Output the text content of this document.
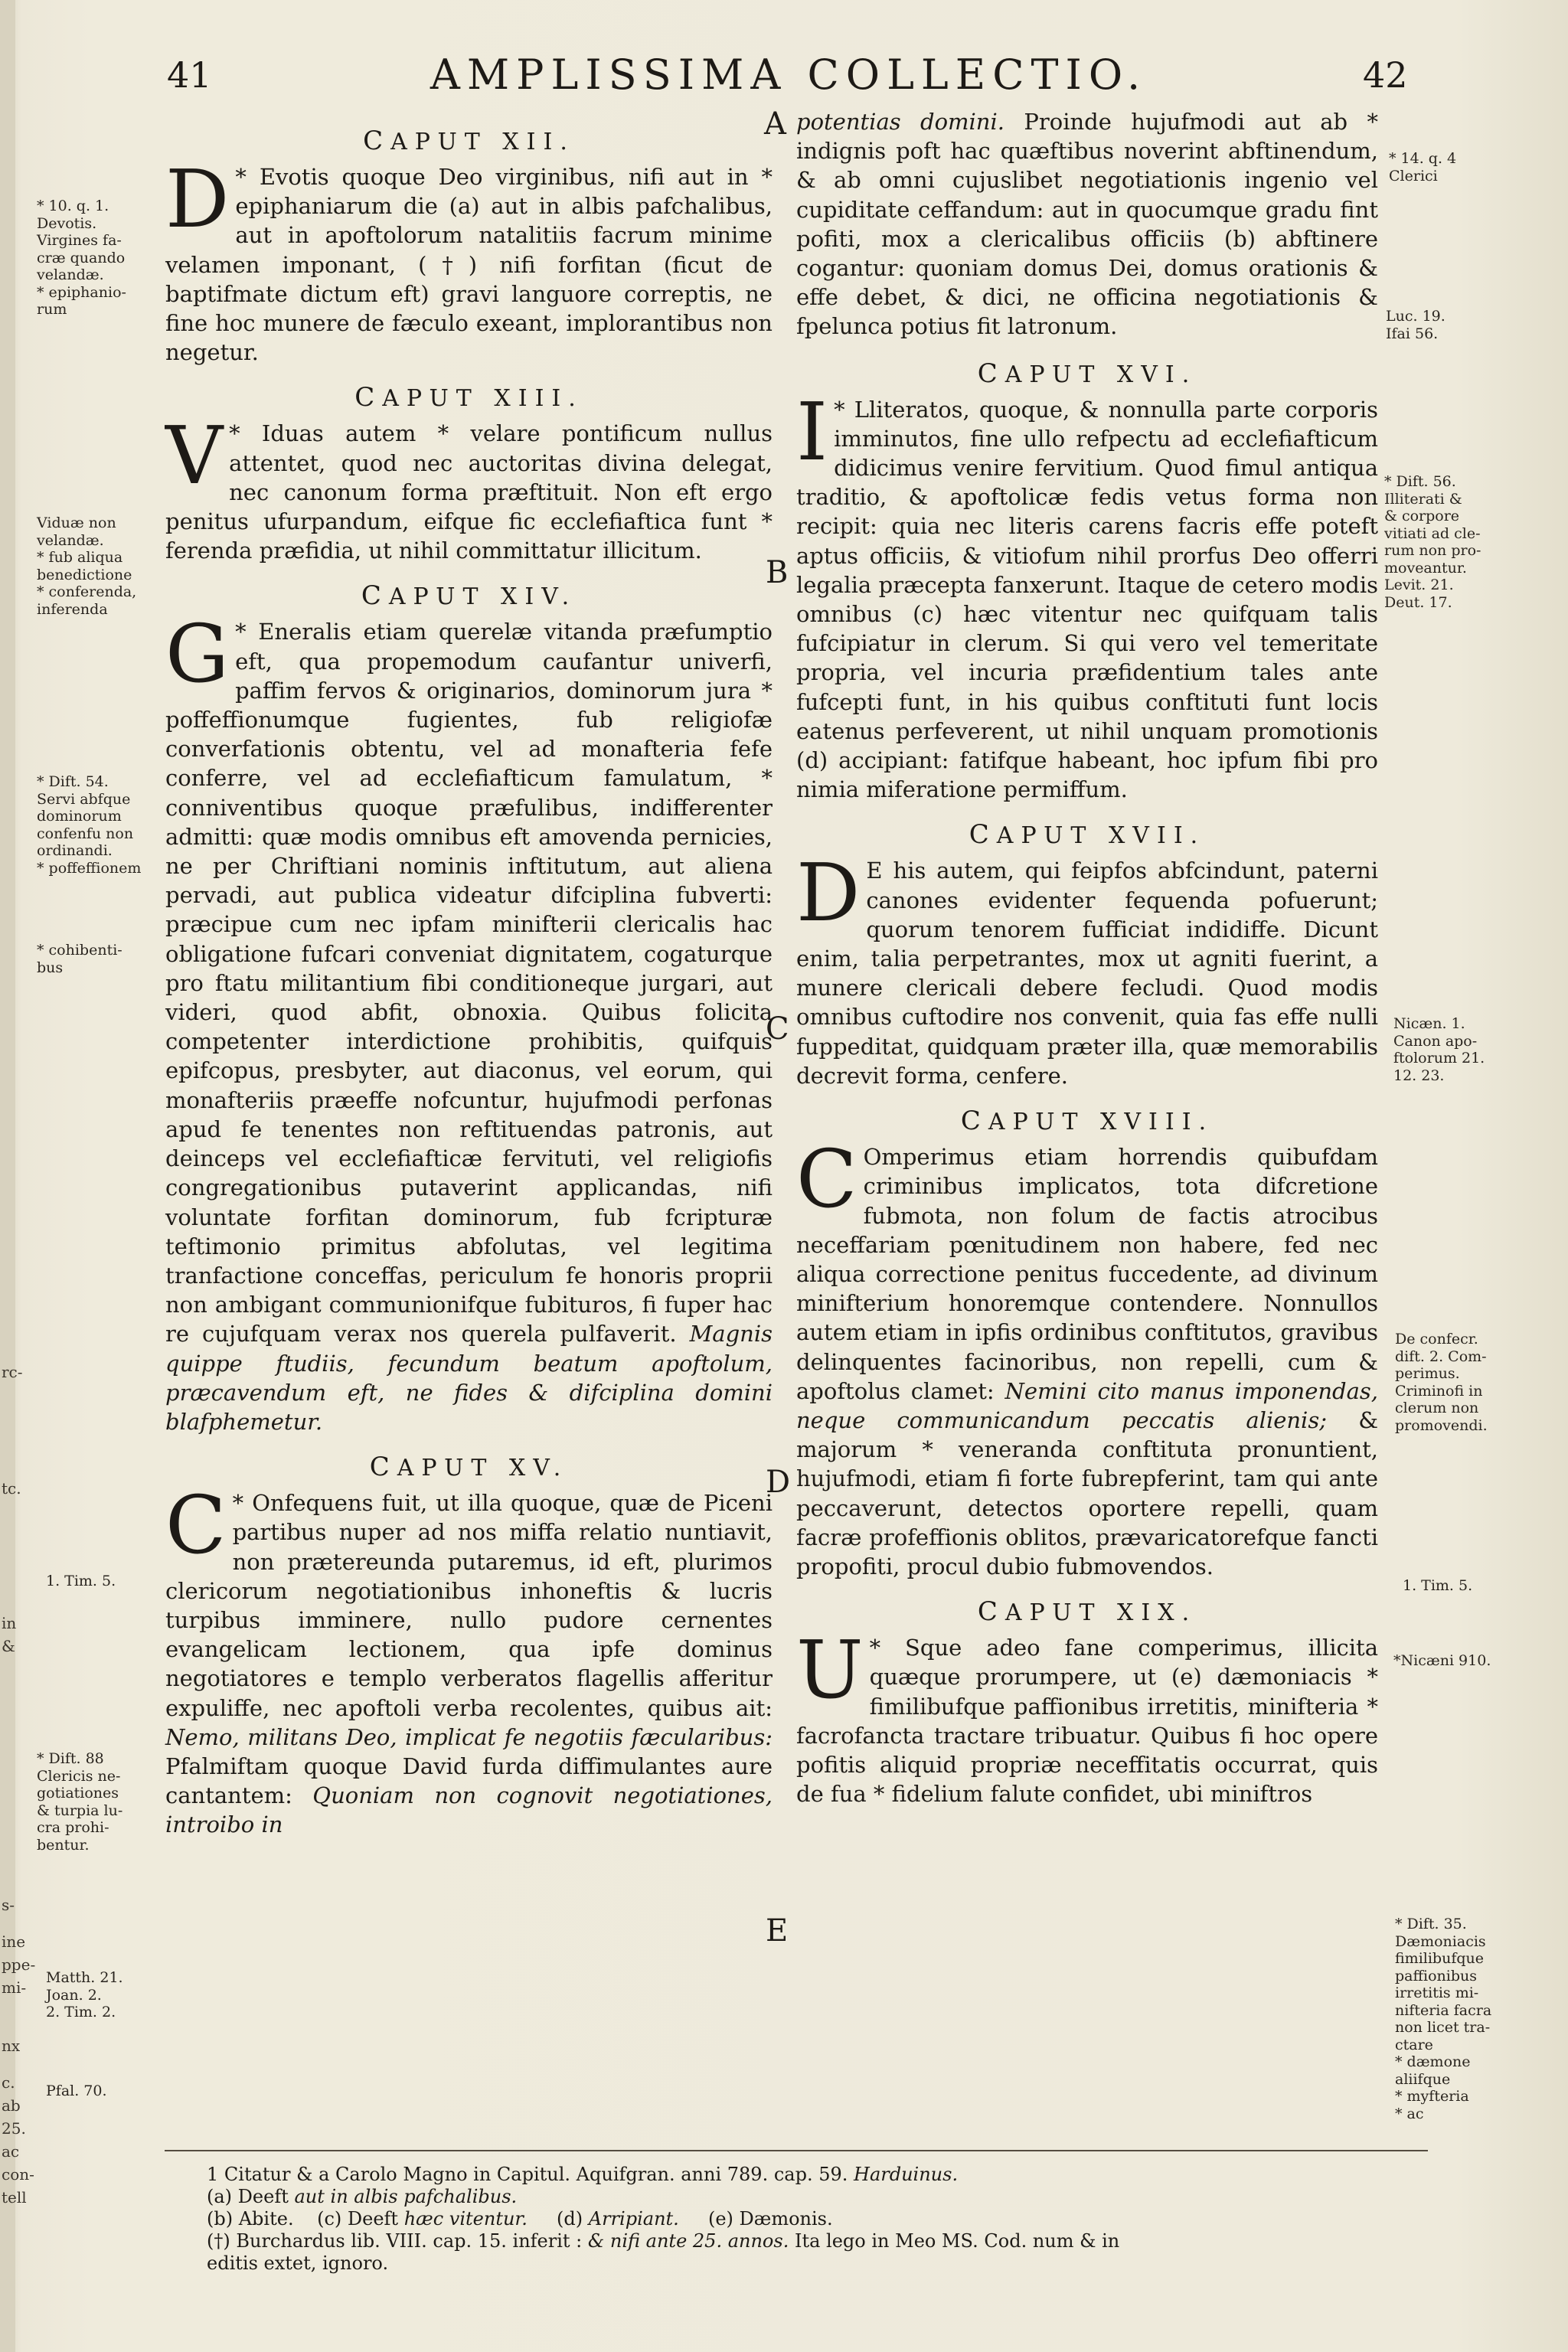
rc-
tc.
in
&
s-
ine
ppe-
mi-
nx
c.
ab
25.
ac
con-
tell
41	AMPLISSIMA COLLECTIO.	42
A
B
C
D
E
* 10. q. 1.
Devotis.
Virgines fa-
cræ quando
velandæ.
* epiphanio-
rum
Viduæ non
velandæ.
* fub aliqua
benedictione
* conferenda,
inferenda
* Dift. 54.
Servi abfque
dominorum
confenfu non
ordinandi.
* poffeffionem
* cohibenti-
bus
1. Tim. 5.
* Dift. 88
Clericis ne-
gotiationes
& turpia lu-
cra prohi-
bentur.
Matth. 21.
Joan. 2.
2. Tim. 2.
Pfal. 70.
* 14. q. 4
Clerici
Luc. 19.
Ifai 56.
* Dift. 56.
Illiterati &
& corpore
vitiati ad cle-
rum non pro-
moveantur.
Levit. 21.
Deut. 17.
Nicæn. 1.
Canon apo-
ftolorum 21.
12. 23.
De confecr.
dift. 2. Com-
perimus.
Criminofi in
clerum non
promovendi.
1. Tim. 5.
*Nicæni 910.
* Dift. 35.
Dæmoniacis
fimilibufque
paffionibus
irretitis mi-
nifteria facra
non licet tra-
ctare
* dæmone
aliifque
* myfteria
* ac
CAPUT XII.

*
D Evotis quoque Deo virginibus, nifi aut in * epiphaniarum die (a) aut in albis pafchalibus, aut in apoftolorum natalitiis facrum minime velamen imponant, (†) nifi forfitan (ficut de baptifmate dictum eft) gravi languore correptis, ne fine hoc munere de fæculo exeant, implorantibus non negetur.

CAPUT XIII.

*
V Iduas autem * velare pontificum nullus attentet, quod nec auctoritas divina delegat, nec canonum forma præftituit. Non eft ergo penitus ufurpandum, eifque fic ecclefiaftica funt * ferenda præfidia, ut nihil committatur illicitum.

CAPUT XIV.

*
G Eneralis etiam querelæ vitanda præfumptio eft, qua propemodum caufantur univerfi, paffim fervos & originarios, dominorum jura * poffeffionumque fugientes, fub religiofæ converfationis obtentu, vel ad monafteria fefe conferre, vel ad ecclefiafticum famulatum, * conniventibus quoque præfulibus, indifferenter admitti: quæ modis omnibus eft amovenda pernicies, ne per Chriftiani nominis inftitutum, aut aliena pervadi, aut publica videatur difciplina fubverti: præcipue cum nec ipfam minifterii clericalis hac obligatione fufcari conveniat dignitatem, cogaturque pro ftatu militantium fibi conditioneque jurgari, aut videri, quod abfit, obnoxia. Quibus folicita competenter interdictione prohibitis, quifquis epifcopus, presbyter, aut diaconus, vel eorum, qui monafteriis præeffe nofcuntur, hujufmodi perfonas apud fe tenentes non reftituendas patronis, aut deinceps vel ecclefiafticæ fervituti, vel religiofis congregationibus putaverint applicandas, nifi voluntate forfitan dominorum, fub fcripturæ teftimonio primitus abfolutas, vel legitima tranfactione conceffas, periculum fe honoris proprii non ambigant communionifque fubituros, fi fuper hac re cujufquam verax nos querela pulfaverit. Magnis quippe ftudiis, fecundum beatum apoftolum, præcavendum eft, ne fides & difciplina domini blafphemetur.

CAPUT XV.

*
C Onfequens fuit, ut illa quoque, quæ de Piceni partibus nuper ad nos miffa relatio nuntiavit, non prætereunda putaremus, id eft, plurimos clericorum negotiationibus inhoneftis & lucris turpibus imminere, nullo pudore cernentes evangelicam lectionem, qua ipfe dominus negotiatores e templo verberatos flagellis afferitur expuliffe, nec apoftoli verba recolentes, quibus ait: Nemo, militans Deo, implicat fe negotiis fæcularibus: Pfalmiftam quoque David furda diffimulantes aure cantantem: Quoniam non cognovit negotiationes, introibo in

potentias domini. Proinde hujufmodi aut ab * indignis poft hac quæftibus noverint abftinendum, & ab omni cujuslibet negotiationis ingenio vel cupiditate ceffandum: aut in quocumque gradu fint pofiti, mox a clericalibus officiis (b) abftinere cogantur: quoniam domus Dei, domus orationis & effe debet, & dici, ne officina negotiationis & fpelunca potius fit latronum.

CAPUT XVI.

*
I Lliteratos, quoque, & nonnulla parte corporis imminutos, fine ullo refpectu ad ecclefiafticum didicimus venire fervitium. Quod fimul antiqua traditio, & apoftolicæ fedis vetus forma non recipit: quia nec literis carens facris effe poteft aptus officiis, & vitiofum nihil prorfus Deo offerri legalia præcepta fanxerunt. Itaque de cetero modis omnibus (c) hæc vitentur nec quifquam talis fufcipiatur in clerum. Si qui vero vel temeritate propria, vel incuria præfidentium tales ante fufcepti funt, in his quibus conftituti funt locis eatenus perfeverent, ut nihil unquam promotionis (d) accipiant: fatifque habeant, hoc ipfum fibi pro nimia miferatione permiffum.

CAPUT XVII.

D E his autem, qui feipfos abfcindunt, paterni canones evidenter fequenda pofuerunt; quorum tenorem fufficiat indidiffe. Dicunt enim, talia perpetrantes, mox ut agniti fuerint, a munere clericali debere fecludi. Quod modis omnibus cuftodire nos convenit, quia fas effe nulli fuppeditat, quidquam præter illa, quæ memorabilis decrevit forma, cenfere.

CAPUT XVIII.

C Omperimus etiam horrendis quibufdam criminibus implicatos, tota difcretione fubmota, non folum de factis atrocibus neceffariam pœnitudinem non habere, fed nec aliqua correctione penitus fuccedente, ad divinum minifterium honoremque contendere. Nonnullos autem etiam in ipfis ordinibus conftitutos, gravibus delinquentes facinoribus, non repelli, cum & apoftolus clamet: Nemini cito manus imponendas, neque communicandum peccatis alienis; & majorum * veneranda conftituta pronuntient, hujufmodi, etiam fi forte fubrepferint, tam qui ante peccaverunt, detectos oportere repelli, quam facræ profeffionis oblitos, prævaricatorefque fancti propofiti, procul dubio fubmovendos.

CAPUT XIX.

*
U Sque adeo fane comperimus, illicita quæque prorumpere, ut (e) dæmoniacis * fimilibufque paffionibus irretitis, minifteria * facrofancta tractare tribuatur. Quibus fi hoc opere pofitis aliquid propriæ neceffitatis occurrat, quis de fua * fidelium falute confidet, ubi miniftros

1 Citatur & a Carolo Magno in Capitul. Aquifgran. anni 789. cap. 59. Harduinus.
(a) Deeft aut in albis pafchalibus.
(b) Abite.    (c) Deeft hæc vitentur.     (d) Arripiant.     (e) Dæmonis.
(†) Burchardus lib. VIII. cap. 15. inferit : & nifi ante 25. annos. Ita lego in Meo MS. Cod. num & in
editis extet, ignoro.
